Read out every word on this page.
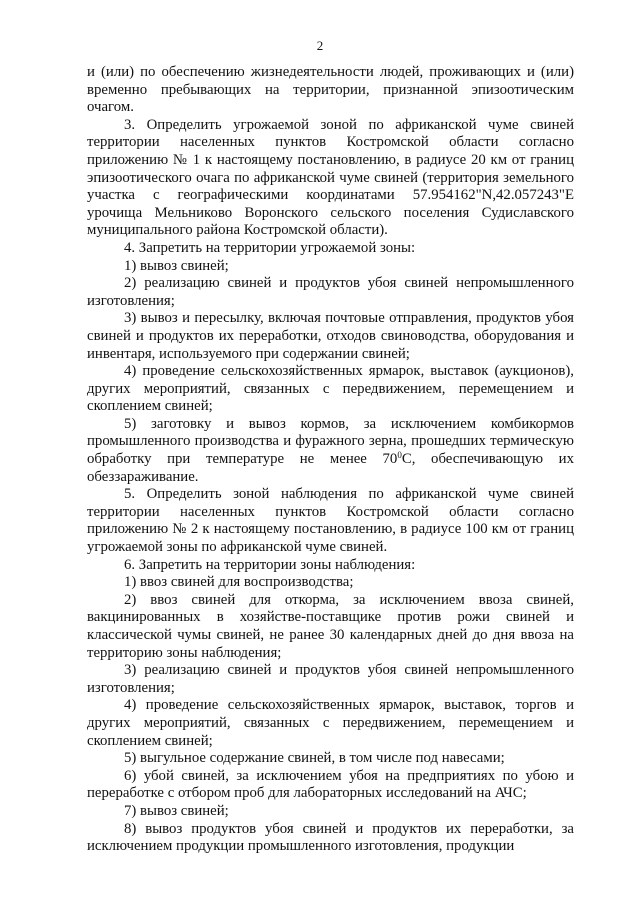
2

и (или) по обеспечению жизнедеятельности людей, проживающих и (или) временно пребывающих на территории, признанной эпизоотическим очагом.

3. Определить угрожаемой зоной по африканской чуме свиней территории населенных пунктов Костромской области согласно приложению № 1 к настоящему постановлению, в радиусе 20 км от границ эпизоотического очага по африканской чуме свиней (территория земельного участка с географическими координатами 57.954162"N,42.057243"E урочища Мельниково Воронского сельского поселения Судиславского муниципального района Костромской области).

4. Запретить на территории угрожаемой зоны:

1) вывоз свиней;

2) реализацию свиней и продуктов убоя свиней непромышленного изготовления;

3) вывоз и пересылку, включая почтовые отправления, продуктов убоя свиней и продуктов их переработки, отходов свиноводства, оборудования и инвентаря, используемого при содержании свиней;

4) проведение сельскохозяйственных ярмарок, выставок (аукционов), других мероприятий, связанных с передвижением, перемещением и скоплением свиней;

5) заготовку и вывоз кормов, за исключением комбикормов промышленного производства и фуражного зерна, прошедших термическую обработку при температуре не менее $70^0С$, обеспечивающую их обеззараживание.

5. Определить зоной наблюдения по африканской чуме свиней территории населенных пунктов Костромской области согласно приложению № 2 к настоящему постановлению, в радиусе 100 км от границ угрожаемой зоны по африканской чуме свиней.

6. Запретить на территории зоны наблюдения:

1) ввоз свиней для воспроизводства;

2) ввоз свиней для откорма, за исключением ввоза свиней, вакцинированных в хозяйстве-поставщике против рожи свиней и классической чумы свиней, не ранее 30 календарных дней до дня ввоза на территорию зоны наблюдения;

3) реализацию свиней и продуктов убоя свиней непромышленного изготовления;

4) проведение сельскохозяйственных ярмарок, выставок, торгов и других мероприятий, связанных с передвижением, перемещением и скоплением свиней;

5) выгульное содержание свиней, в том числе под навесами;

6) убой свиней, за исключением убоя на предприятиях по убою и переработке с отбором проб для лабораторных исследований на АЧС;

7) вывоз свиней;

8) вывоз продуктов убоя свиней и продуктов их переработки, за исключением продукции промышленного изготовления, продукции
